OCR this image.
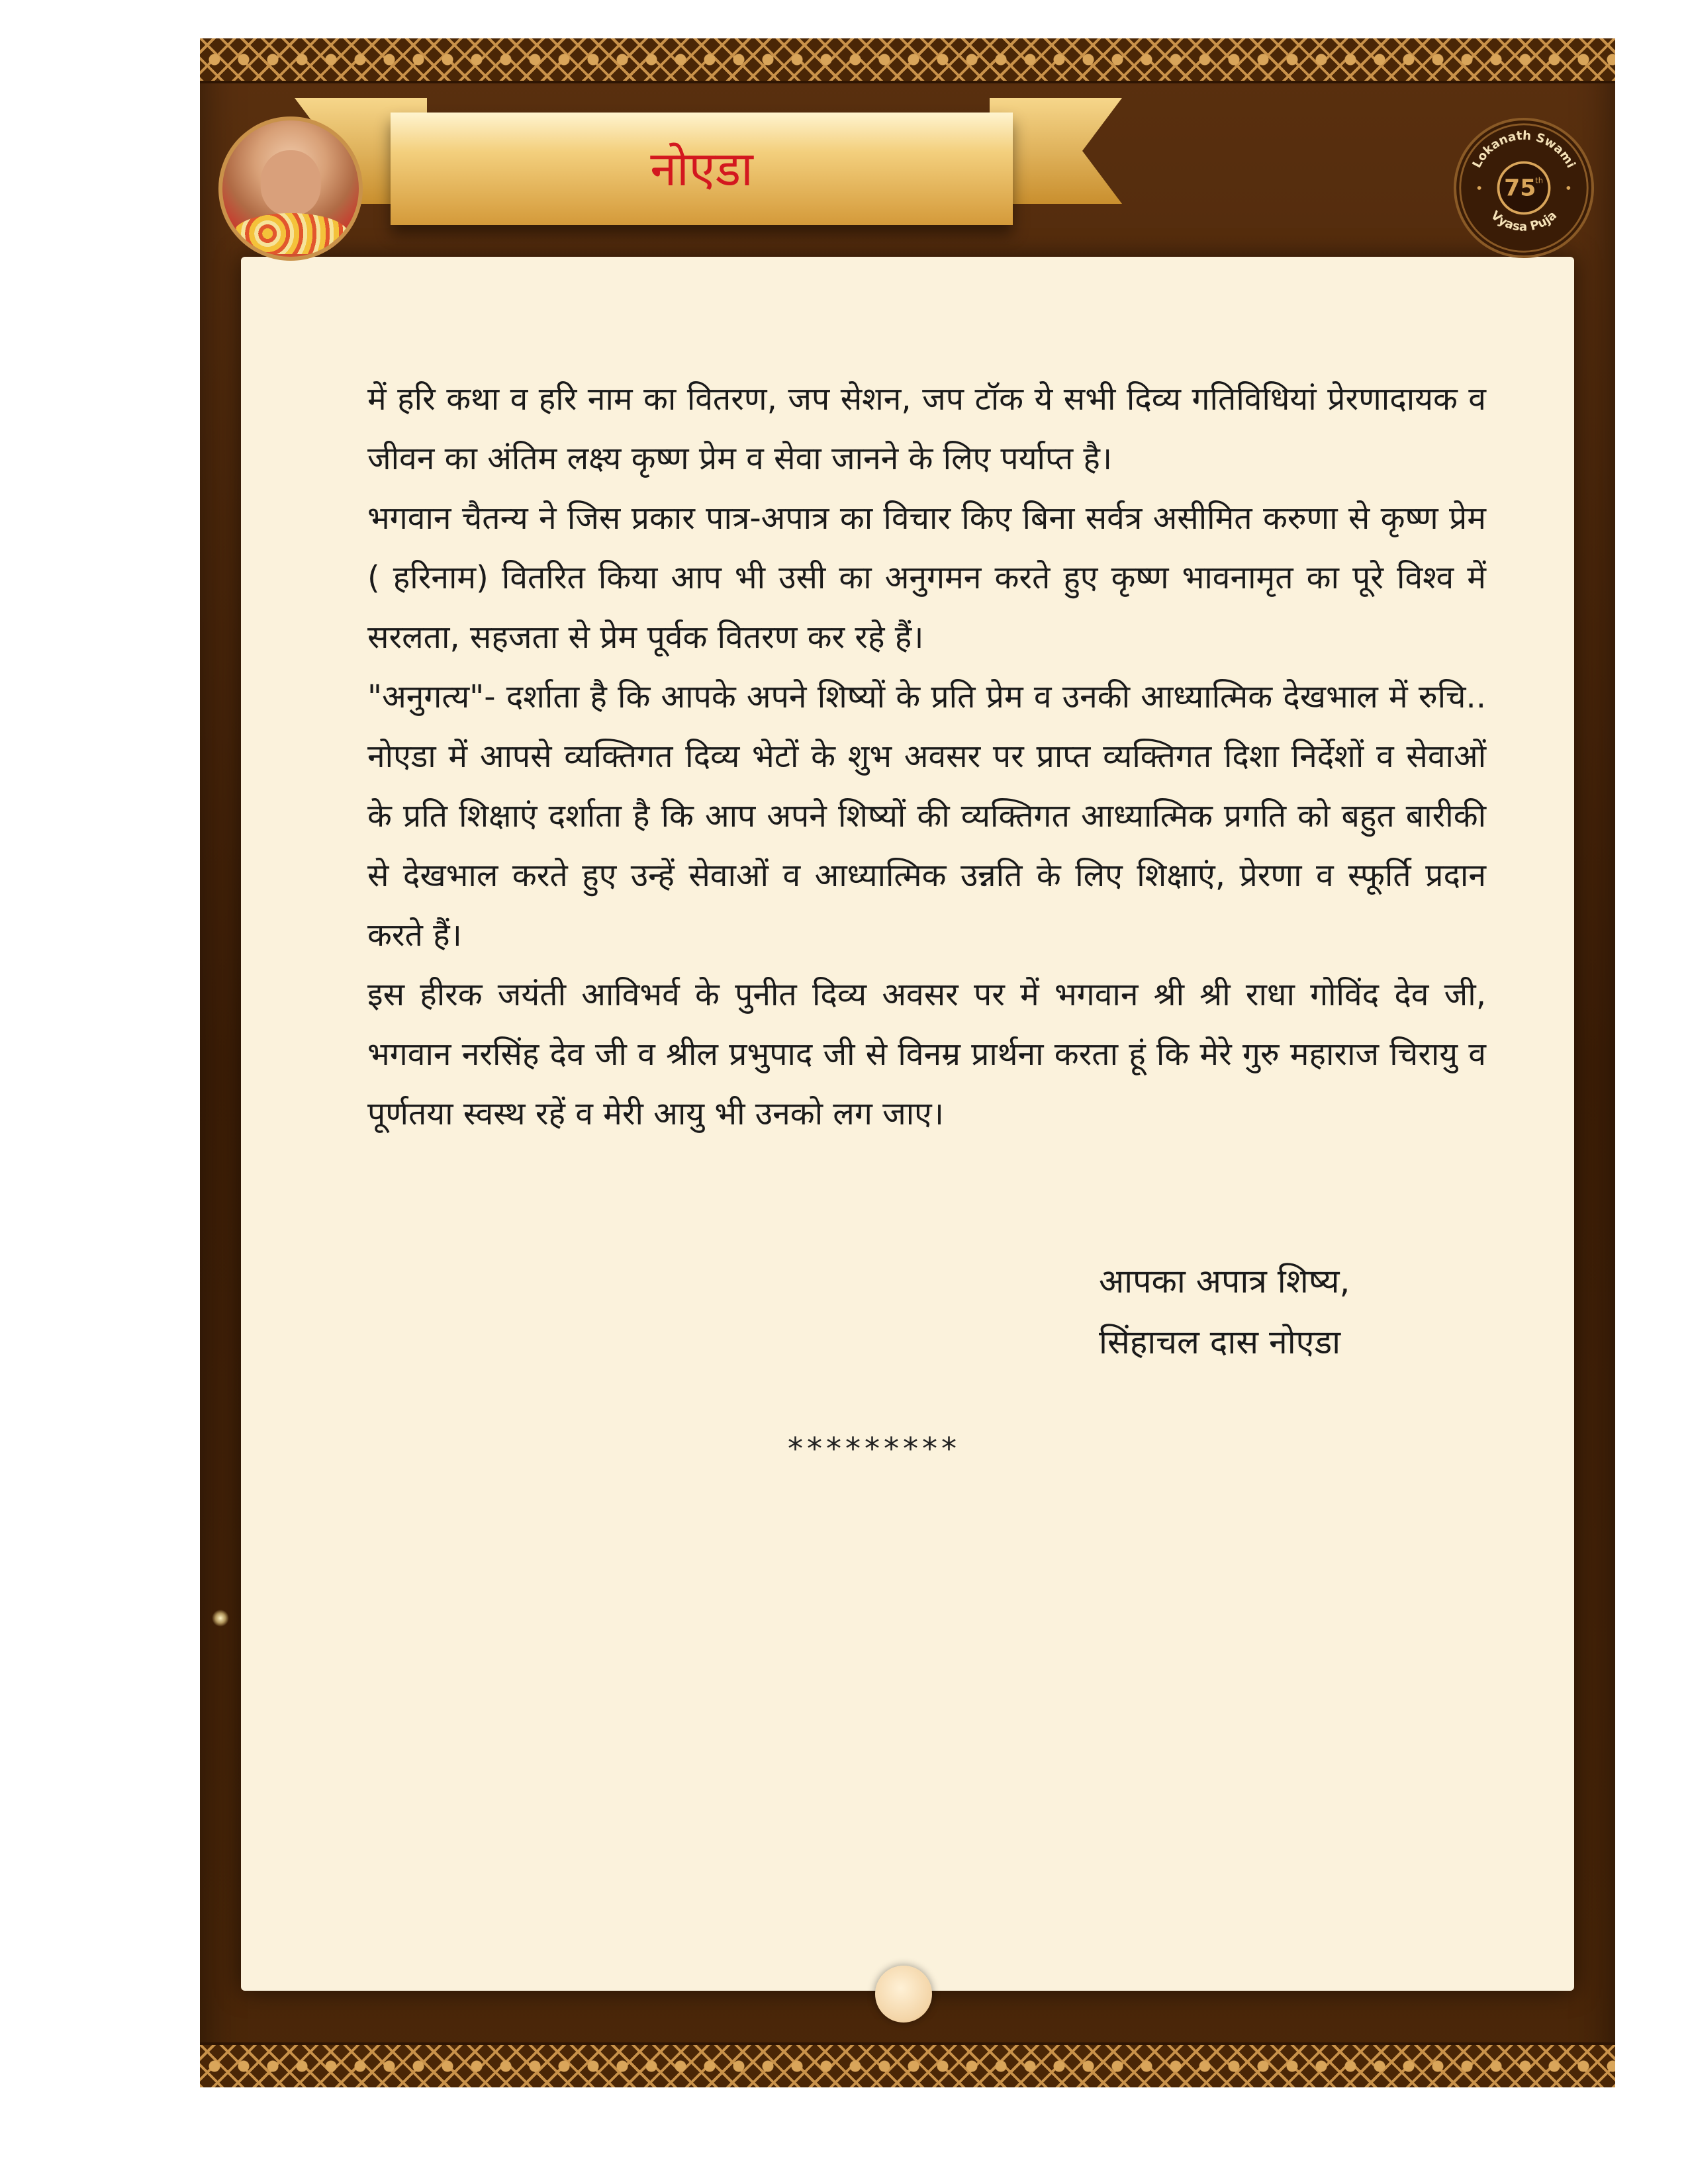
नोएडा	Lokanath Swami
Vyasa Puja
75
th

में हरि कथा व हरि नाम का वितरण, जप सेशन, जप टॉक ये सभी दिव्य गतिविधियां प्रेरणादायक व जीवन का अंतिम लक्ष्य कृष्ण प्रेम व सेवा जानने के लिए पर्याप्त है।

भगवान चैतन्य ने जिस प्रकार पात्र-अपात्र का विचार किए बिना सर्वत्र असीमित करुणा से कृष्ण प्रेम ( हरिनाम) वितरित किया आप भी उसी का अनुगमन करते हुए कृष्ण भावनामृत का पूरे विश्व में सरलता, सहजता से प्रेम पूर्वक वितरण कर रहे हैं।

"अनुगत्य"- दर्शाता है कि आपके अपने शिष्यों के प्रति प्रेम व उनकी आध्यात्मिक देखभाल में रुचि.. नोएडा में आपसे व्यक्तिगत दिव्य भेटों के शुभ अवसर पर प्राप्त व्यक्तिगत दिशा निर्देशों व सेवाओं के प्रति शिक्षाएं दर्शाता है कि आप अपने शिष्यों की व्यक्तिगत आध्यात्मिक प्रगति को बहुत बारीकी से देखभाल करते हुए उन्हें सेवाओं व आध्यात्मिक उन्नति के लिए शिक्षाएं, प्रेरणा व स्फूर्ति प्रदान करते हैं।

इस हीरक जयंती आविभर्व के पुनीत दिव्य अवसर पर में भगवान श्री श्री राधा गोविंद देव जी, भगवान नरसिंह देव जी व श्रील प्रभुपाद जी से विनम्र प्रार्थना करता हूं कि मेरे गुरु महाराज चिरायु व पूर्णतया स्वस्थ रहें व मेरी आयु भी उनको लग जाए।

आपका अपात्र शिष्य,
सिंहाचल दास नोएडा
*********
